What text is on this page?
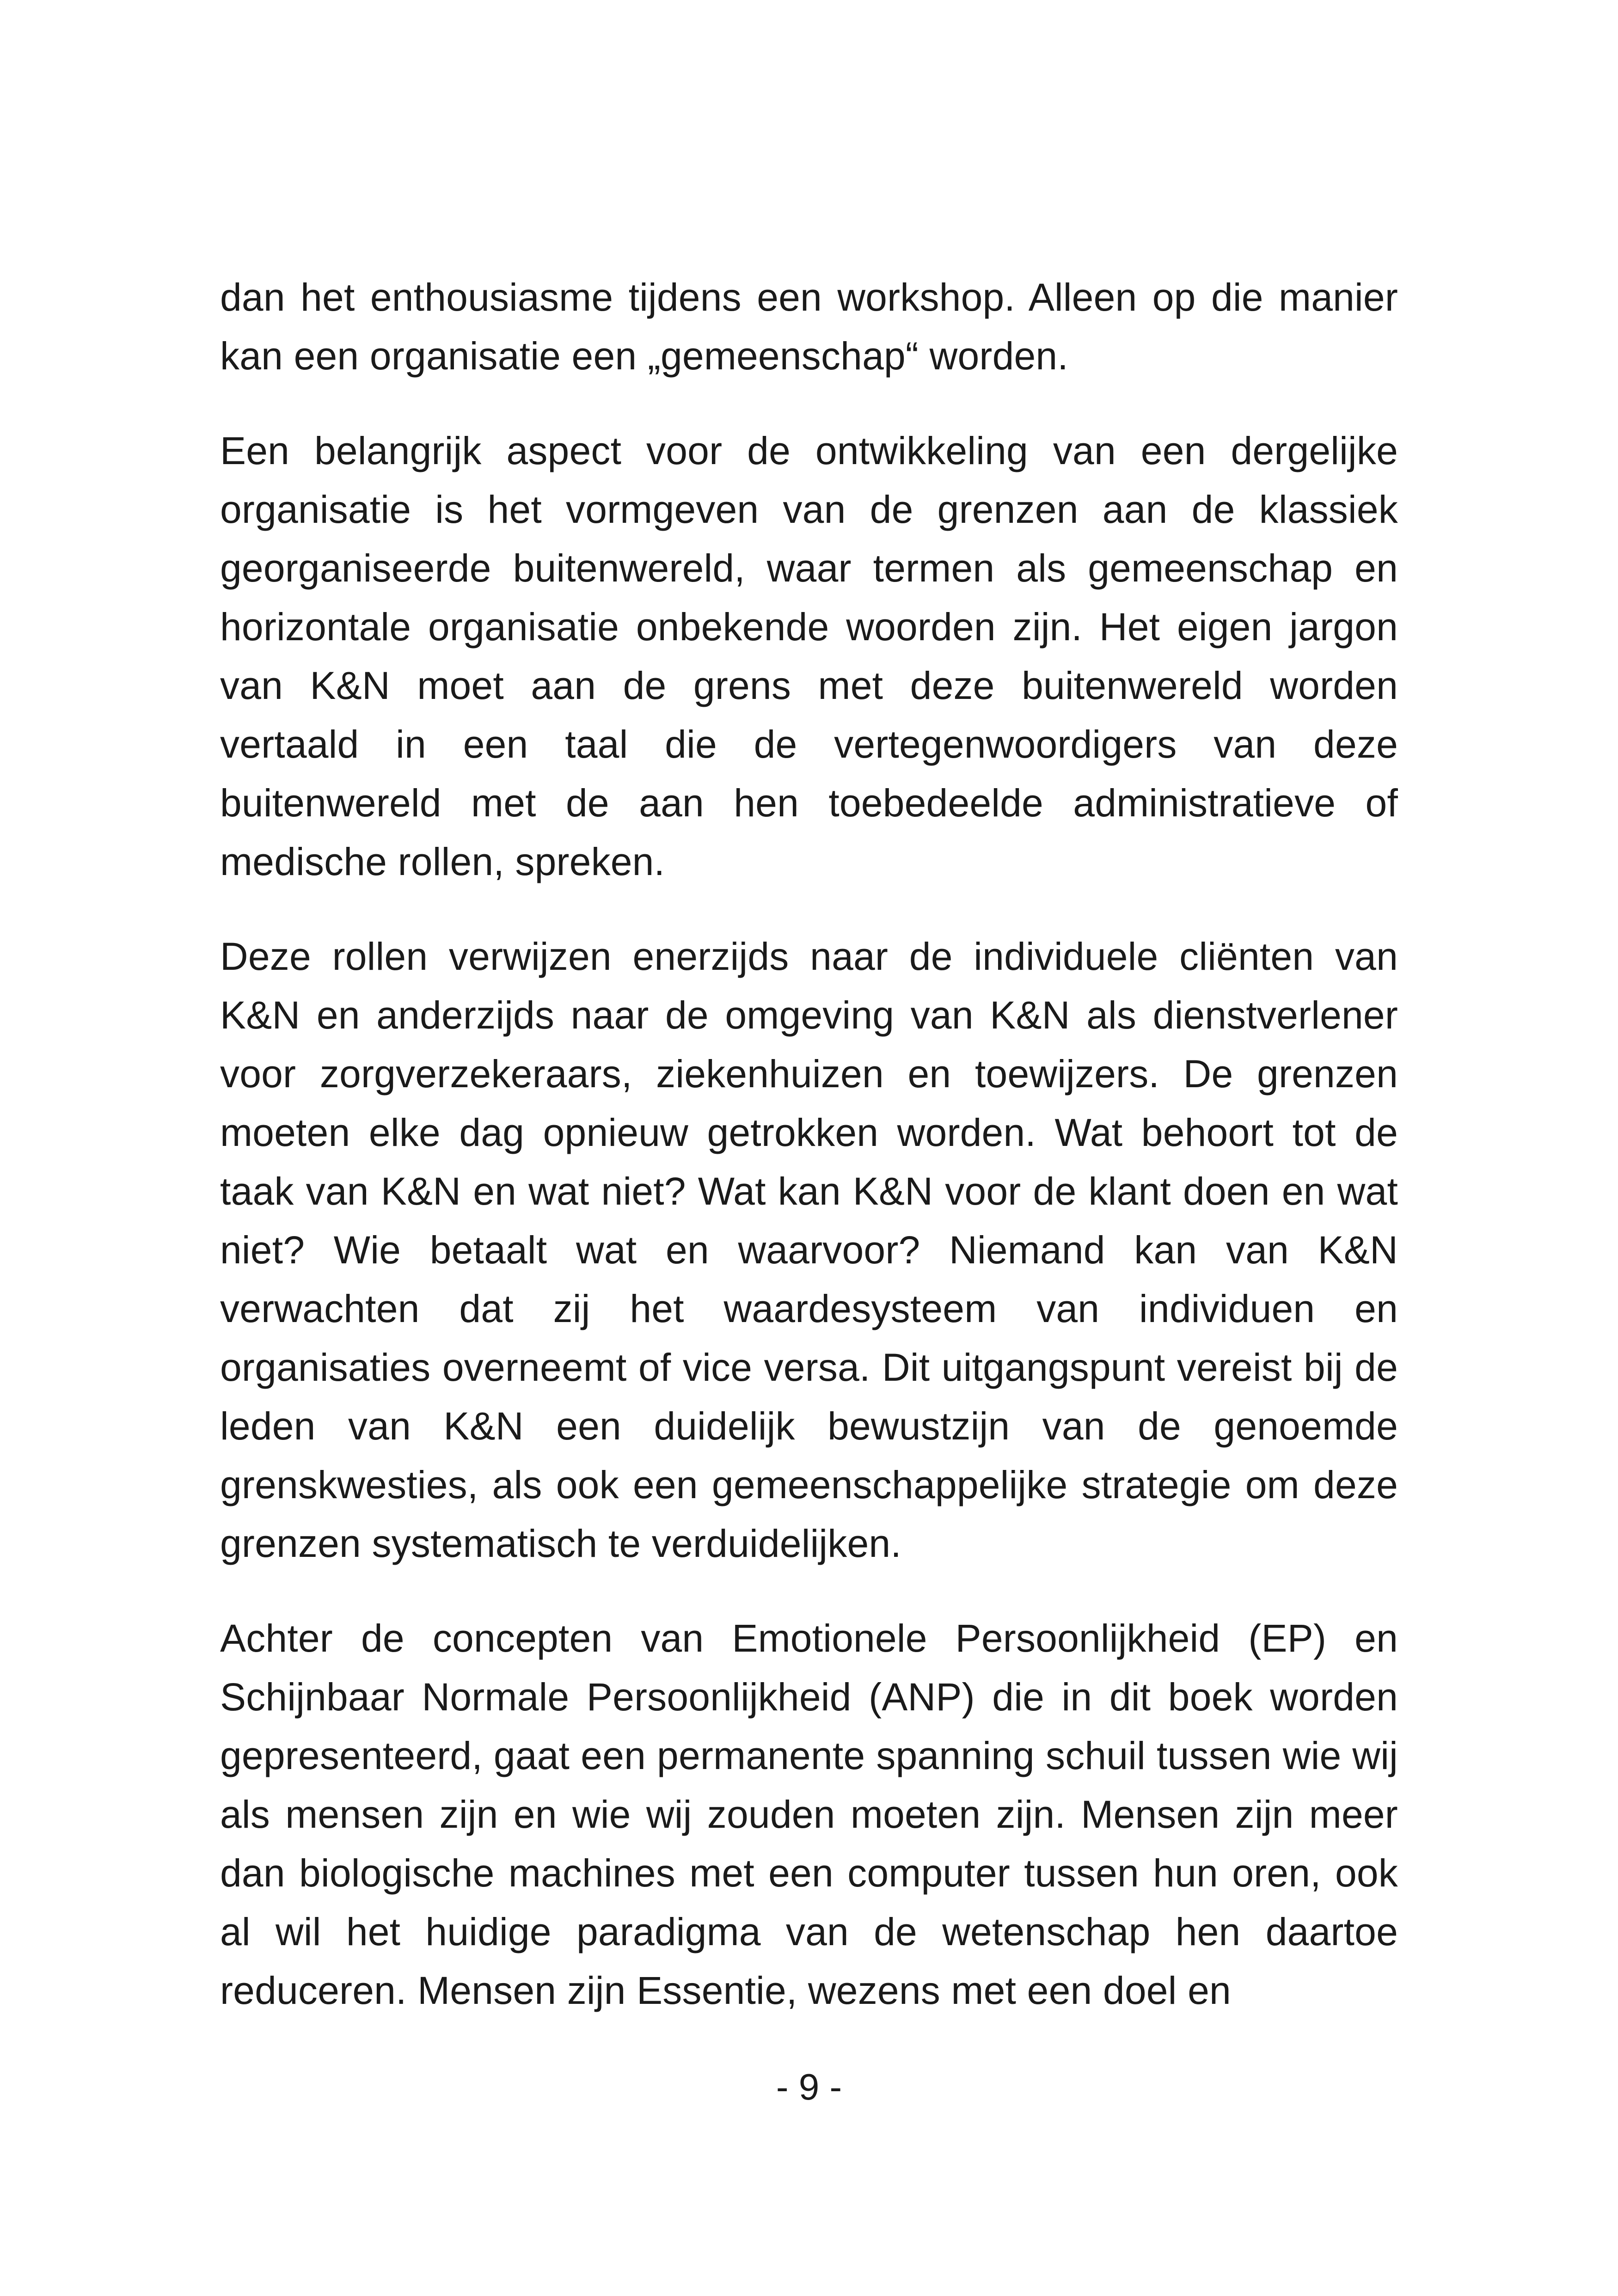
dan het enthousiasme tijdens een workshop. Alleen op die manier kan een organisatie een „gemeenschap“ worden.

Een belangrijk aspect voor de ontwikkeling van een dergelijke organisatie is het vormgeven van de grenzen aan de klassiek georganiseerde buitenwereld, waar termen als gemeenschap en horizontale organisatie onbekende woorden zijn. Het eigen jargon van K&N moet aan de grens met deze buitenwereld worden vertaald in een taal die de vertegenwoordigers van deze buitenwereld met de aan hen toebedeelde administratieve of medische rollen, spreken.

Deze rollen verwijzen enerzijds naar de individuele cliënten van K&N en anderzijds naar de omgeving van K&N als dienstverlener voor zorgverzekeraars, ziekenhuizen en toewijzers. De grenzen moeten elke dag opnieuw getrokken worden. Wat behoort tot de taak van K&N en wat niet? Wat kan K&N voor de klant doen en wat niet? Wie betaalt wat en waarvoor? Niemand kan van K&N verwachten dat zij het waardesysteem van individuen en organisaties overneemt of vice versa. Dit uitgangspunt vereist bij de leden van K&N een duidelijk bewustzijn van de genoemde grenskwesties, als ook een gemeenschappelijke strategie om deze grenzen systematisch te verduidelijken.

Achter de concepten van Emotionele Persoonlijkheid (EP) en Schijnbaar Normale Persoonlijkheid (ANP) die in dit boek worden gepresenteerd, gaat een permanente spanning schuil tussen wie wij als mensen zijn en wie wij zouden moeten zijn. Mensen zijn meer dan biologische machines met een computer tussen hun oren, ook al wil het huidige paradigma van de wetenschap hen daartoe reduceren. Mensen zijn Essentie, wezens met een doel en

- 9 -
